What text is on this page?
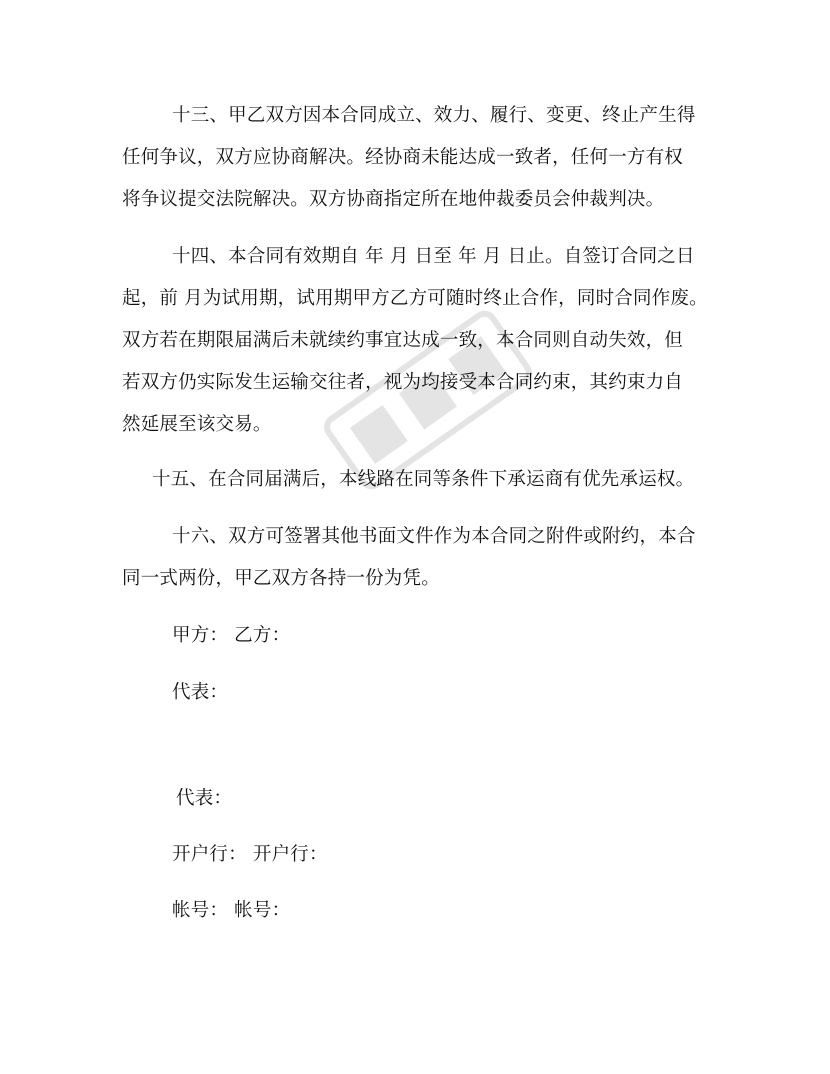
十三、甲乙双方因本合同成立、效力、履行、变更、终止产生得
任何争议，双方应协商解决。经协商未能达成一致者，任何一方有权
将争议提交法院解决。双方协商指定所在地仲裁委员会仲裁判决。
十四、本合同有效期自 年 月 日至 年 月 日止。自签订合同之日
起，前 月为试用期，试用期甲方乙方可随时终止合作，同时合同作废。
双方若在期限届满后未就续约事宜达成一致，本合同则自动失效，但
若双方仍实际发生运输交往者，视为均接受本合同约束，其约束力自
然延展至该交易。
十五、在合同届满后，本线路在同等条件下承运商有优先承运权。
十六、双方可签署其他书面文件作为本合同之附件或附约，本合
同一式两份，甲乙双方各持一份为凭。
甲方： 乙方：
代表：
代表：
开户行： 开户行：
帐号： 帐号：
